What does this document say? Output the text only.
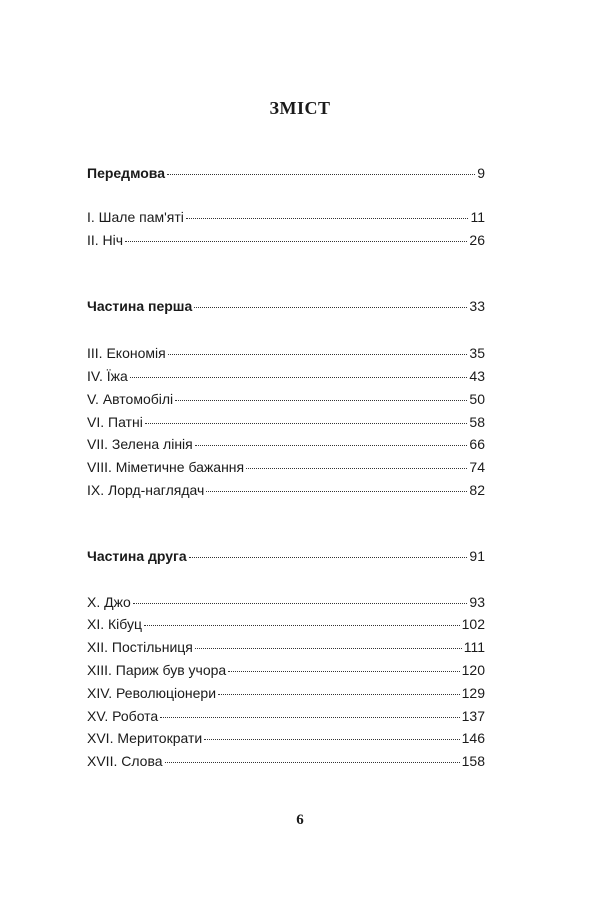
ЗМІСТ
Передмова	9
I. Шале пам'яті	11
II. Ніч	26
Частина перша	33
III. Економія	35
IV. Їжа	43
V. Автомобілі	50
VI. Патні	58
VII. Зелена лінія	66
VIII. Міметичне бажання	74
IX. Лорд-наглядач	82
Частина друга	91
X. Джо	93
XI. Кібуц	102
XII. Постільниця	111
XIII. Париж був учора	120
XIV. Революціонери	129
XV. Робота	137
XVI. Меритократи	146
XVII. Слова	158
6
